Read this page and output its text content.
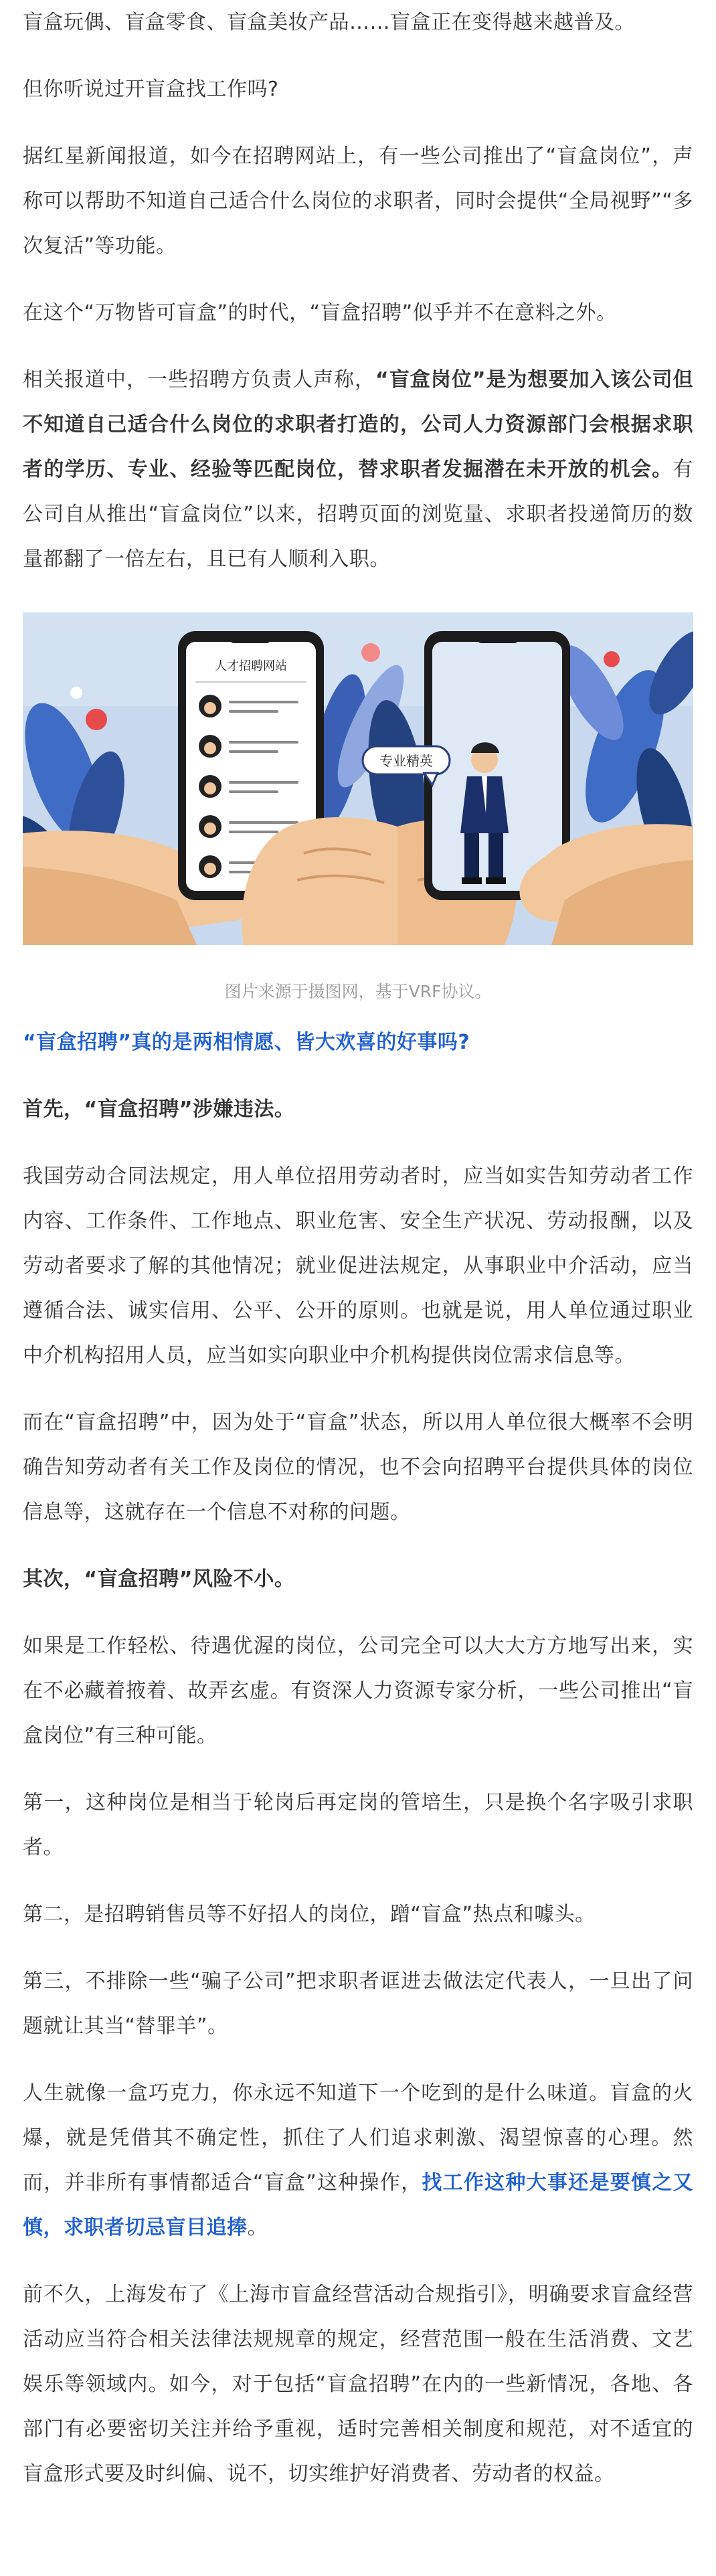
盲盒玩偶、盲盒零食、盲盒美妆产品……盲盒正在变得越来越普及。

但你听说过开盲盒找工作吗?

据红星新闻报道，如今在招聘网站上，有一些公司推出了“盲盒岗位”，声称可以帮助不知道自己适合什么岗位的求职者，同时会提供“全局视野”“多次复活”等功能。

在这个“万物皆可盲盒”的时代，“盲盒招聘”似乎并不在意料之外。

相关报道中，一些招聘方负责人声称，“盲盒岗位”是为想要加入该公司但不知道自己适合什么岗位的求职者打造的，公司人力资源部门会根据求职者的学历、专业、经验等匹配岗位，替求职者发掘潜在未开放的机会。有公司自从推出“盲盒岗位”以来，招聘页面的浏览量、求职者投递简历的数量都翻了一倍左右，且已有人顺利入职。

人才招聘网站
专业精英

图片来源于摄图网，基于VRF协议。

“盲盒招聘”真的是两相情愿、皆大欢喜的好事吗?

首先，“盲盒招聘”涉嫌违法。

我国劳动合同法规定，用人单位招用劳动者时，应当如实告知劳动者工作内容、工作条件、工作地点、职业危害、安全生产状况、劳动报酬，以及劳动者要求了解的其他情况；就业促进法规定，从事职业中介活动，应当遵循合法、诚实信用、公平、公开的原则。也就是说，用人单位通过职业中介机构招用人员，应当如实向职业中介机构提供岗位需求信息等。

而在“盲盒招聘”中，因为处于“盲盒”状态，所以用人单位很大概率不会明确告知劳动者有关工作及岗位的情况，也不会向招聘平台提供具体的岗位信息等，这就存在一个信息不对称的问题。

其次，“盲盒招聘”风险不小。

如果是工作轻松、待遇优渥的岗位，公司完全可以大大方方地写出来，实在不必藏着掖着、故弄玄虚。有资深人力资源专家分析，一些公司推出“盲盒岗位”有三种可能。

第一，这种岗位是相当于轮岗后再定岗的管培生，只是换个名字吸引求职者。

第二，是招聘销售员等不好招人的岗位，蹭“盲盒”热点和噱头。

第三，不排除一些“骗子公司”把求职者诓进去做法定代表人，一旦出了问题就让其当“替罪羊”。

人生就像一盒巧克力，你永远不知道下一个吃到的是什么味道。盲盒的火爆，就是凭借其不确定性，抓住了人们追求刺激、渴望惊喜的心理。然而，并非所有事情都适合“盲盒”这种操作，找工作这种大事还是要慎之又慎，求职者切忌盲目追捧。

前不久，上海发布了《上海市盲盒经营活动合规指引》，明确要求盲盒经营活动应当符合相关法律法规规章的规定，经营范围一般在生活消费、文艺娱乐等领域内。如今，对于包括“盲盒招聘”在内的一些新情况，各地、各部门有必要密切关注并给予重视，适时完善相关制度和规范，对不适宜的盲盒形式要及时纠偏、说不，切实维护好消费者、劳动者的权益。
